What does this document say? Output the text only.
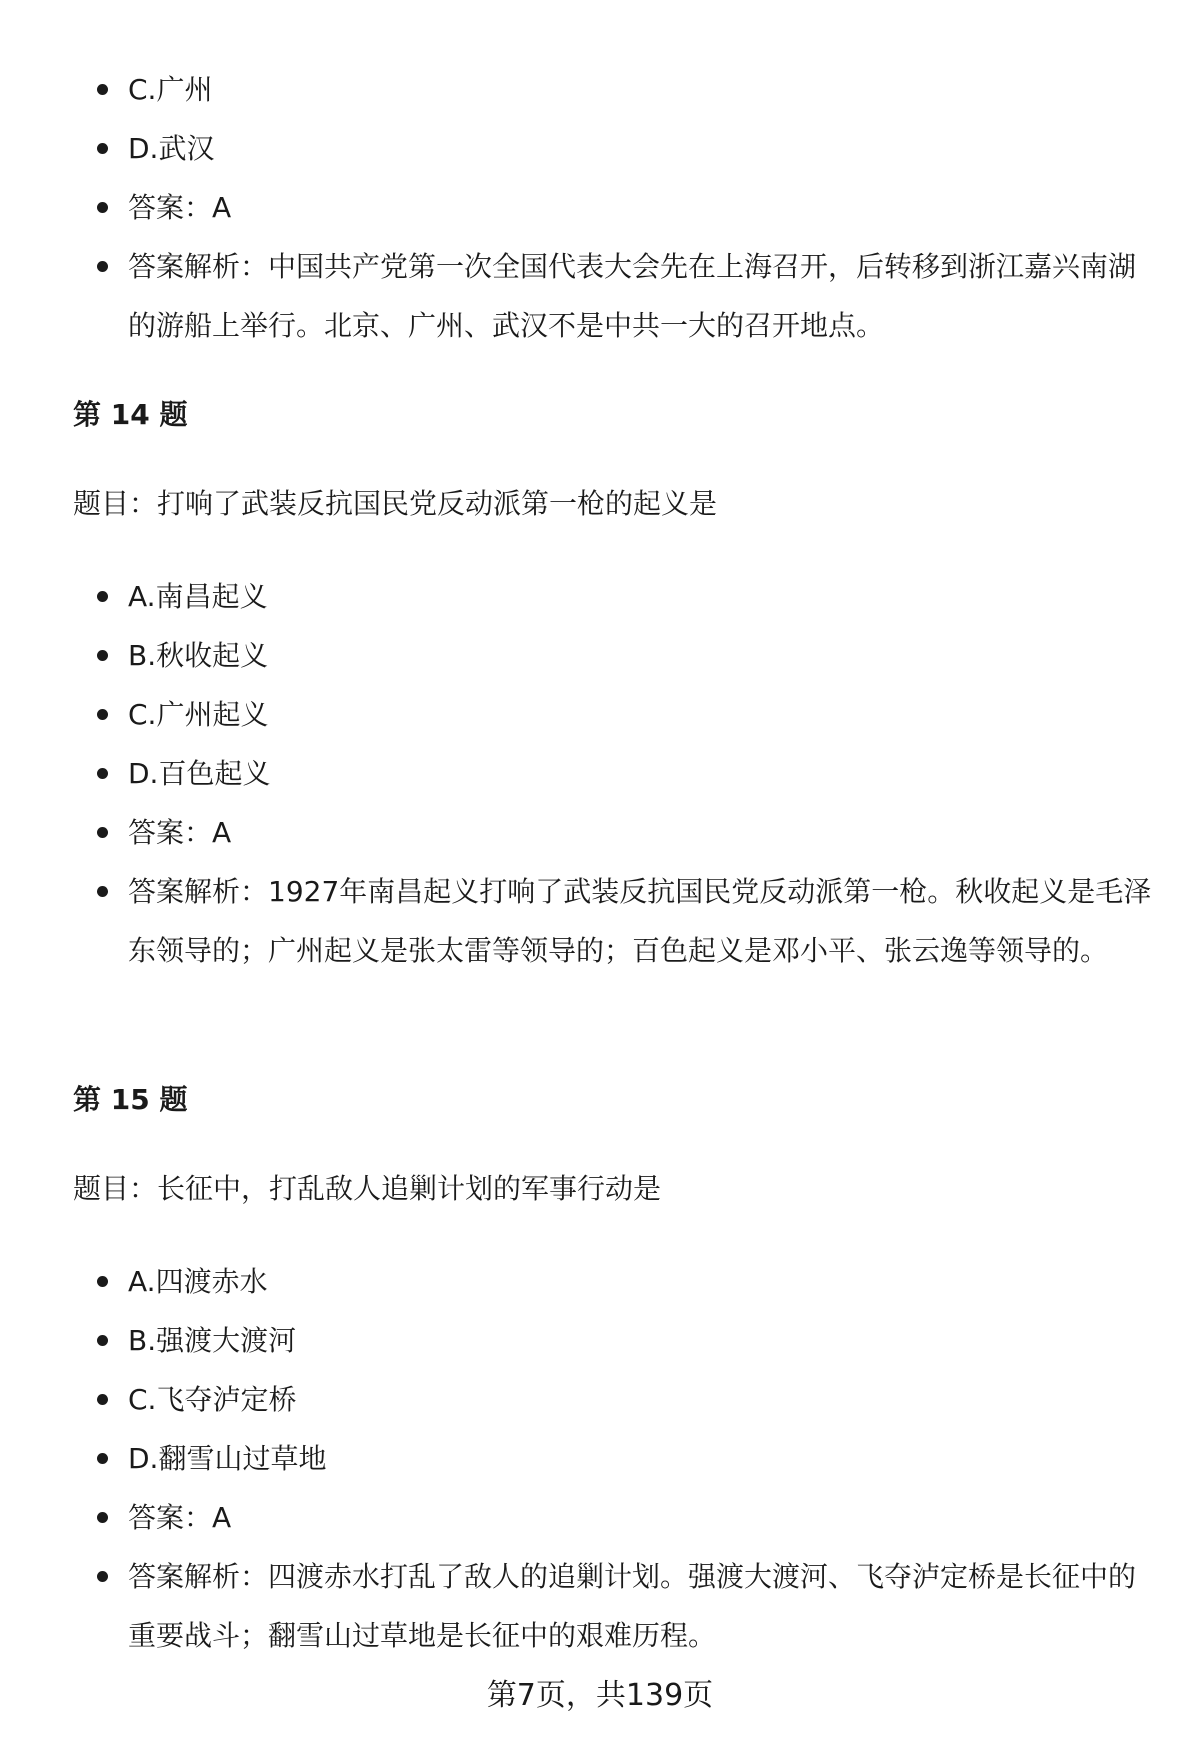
C.广州
D.武汉
答案：A
答案解析：中国共产党第一次全国代表大会先在上海召开，后转移到浙江嘉兴南湖的游船上举行。北京、广州、武汉不是中共一大的召开地点。
第 14 题
题目：打响了武装反抗国民党反动派第一枪的起义是
A.南昌起义
B.秋收起义
C.广州起义
D.百色起义
答案：A
答案解析：1927年南昌起义打响了武装反抗国民党反动派第一枪。秋收起义是毛泽东领导的；广州起义是张太雷等领导的；百色起义是邓小平、张云逸等领导的。
第 15 题
题目：长征中，打乱敌人追剿计划的军事行动是
A.四渡赤水
B.强渡大渡河
C.飞夺泸定桥
D.翻雪山过草地
答案：A
答案解析：四渡赤水打乱了敌人的追剿计划。强渡大渡河、飞夺泸定桥是长征中的重要战斗；翻雪山过草地是长征中的艰难历程。
第7页，共139页
